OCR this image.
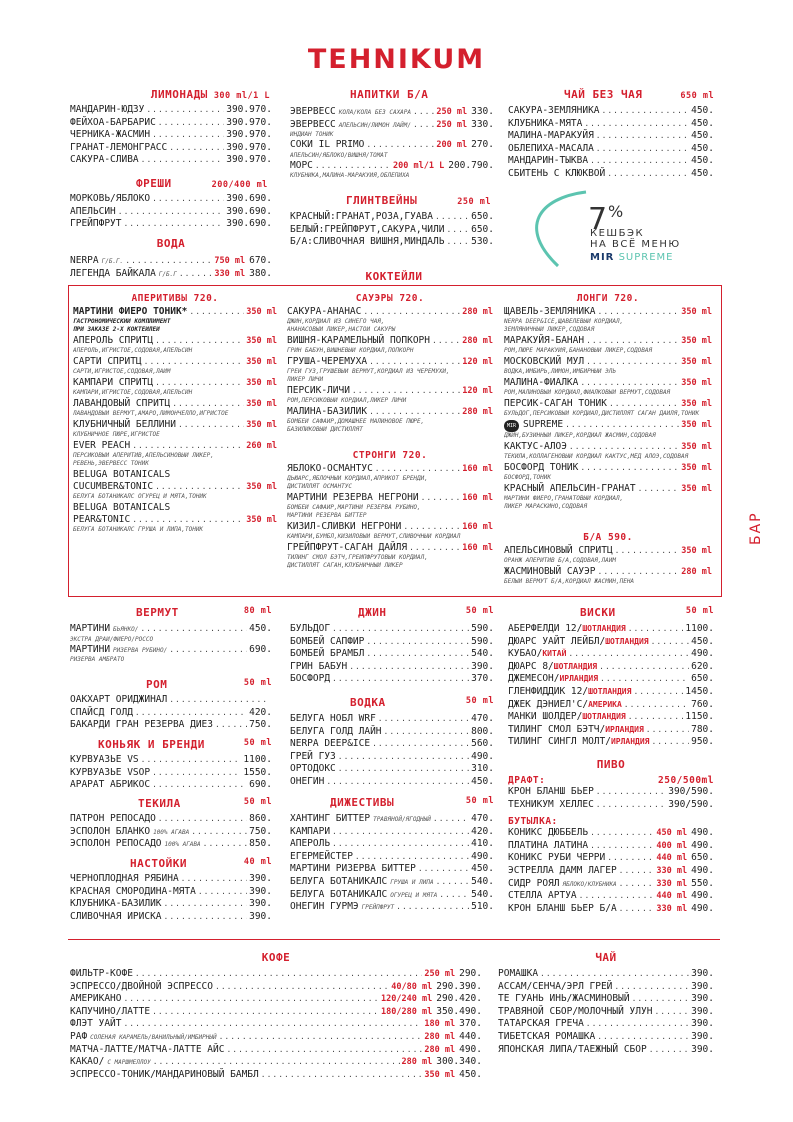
TEHNIKUM
БАР
ЛИМОНАДЫ 300 ml/1 L
МАНДАРИН-ЮДЗУ .....	390.970.
ФЕЙХОА-БАРБАРИС .....	390.970.
ЧЕРНИКА-ЖАСМИН .....	390.970.
ГРАНАТ-ЛЕМОНГРАСС .....	390.970.
САКУРА-СЛИВА .....	390.970.
ФРЕШИ	200/400 ml
МОРКОВЬ/ЯБЛОКО .....	390.690.
АПЕЛЬСИН .....	390.690.
ГРЕЙПФРУТ .....	390.690.
ВОДА
NERPA Г/Б.Г. .....	750 ml 670.
ЛЕГЕНДА БАЙКАЛА Г/Б.Г .....	330 ml 380.
НАПИТКИ Б/А
ЭВЕРВЕСС КОЛА/КОЛА БЕЗ САХАРА .....	250 ml 330.
ЭВЕРВЕСС АПЕЛЬСИН/ЛИМОН ЛАЙМ/ .....	250 ml 330.
ИНДИАН ТОНИК
СОКИ IL PRIMO .....	200 ml 270.
АПЕЛЬСИН/ЯБЛОКО/ВИШНЯ/ТОМАТ
МОРС .....	200 ml/1 L 200.790.
КЛУБНИКА,МАЛИНА-МАРАКУЙЯ,ОБЛЕПИХА
ГЛИНТВЕЙНЫ	250 ml
КРАСНЫЙ:ГРАНАТ,РОЗА,ГУАВА .....	650.
БЕЛЫЙ:ГРЕЙПФРУТ,САКУРА,ЧИЛИ .....	650.
Б/А:СЛИВОЧНАЯ ВИШНЯ,МИНДАЛЬ .....	530.
ЧАЙ БЕЗ ЧАЯ	650 ml
САКУРА-ЗЕМЛЯНИКА .....	450.
КЛУБНИКА-МЯТА .....	450.
МАЛИНА-МАРАКУЙЯ .....	450.
ОБЛЕПИХА-МАСАЛА .....	450.
МАНДАРИН-ТЫКВА .....	450.
СБИТЕНЬ С КЛЮКВОЙ .....	450.
7 %
КЕШБЭК
НА ВСЁ МЕНЮ
MIR SUPREME
КОКТЕЙЛИ
АПЕРИТИВЫ 720.
МАРТИНИ ФИЕРО ТОНИК* .....	350 ml
ГАСТРОНОМИЧЕСКИЙ КОМПЛИМЕНТ
ПРИ ЗАКАЗЕ 2-Х КОКТЕЙЛЕЙ
АПЕРОЛЬ СПРИТЦ .....	350 ml
АПЕРОЛЬ,ИГРИСТОЕ,СОДОВАЯ,АПЕЛЬСИН
САРТИ СПРИТЦ .....	350 ml
САРТИ,ИГРИСТОЕ,СОДОВАЯ,ЛАЙМ
КАМПАРИ СПРИТЦ .....	350 ml
КАМПАРИ,ИГРИСТОЕ,СОДОВАЯ,АПЕЛЬСИН
ЛАВАНДОВЫЙ СПРИТЦ .....	350 ml
ЛАВАНДОВЫЙ ВЕРМУТ,АМАРО,ЛИМОНЧЕЛЛО,ИГРИСТОЕ
КЛУБНИЧНЫЙ БЕЛЛИНИ .....	350 ml
КЛУБНИЧНОЕ ПЮРЕ,ИГРИСТОЕ
EVER PEACH .....	260 ml
ПЕРСИКОВЫЙ АПЕРИТИВ,АПЕЛЬСИНОВЫЙ ЛИКЕР,
РЕВЕНЬ,ЭВЕРВЕСС ТОНИК
BELUGA BOTANICALS
CUCUMBER&TONIC .....	350 ml
БЕЛУГА БОТАНИКАЛС ОГУРЕЦ И МЯТА,ТОНИК
BELUGA BOTANICALS
PEAR&TONIC .....	350 ml
БЕЛУГА БОТАНИКАЛС ГРУША И ЛИПА,ТОНИК
САУЭРЫ 720.
САКУРА-АНАНАС .....	280 ml
ДЖИН,КОРДИАЛ ИЗ СИНЕГО ЧАЯ,
АНАНАСОВЫЙ ЛИКЕР,НАСТОЙ САКУРЫ
ВИШНЯ-КАРАМЕЛЬНЫЙ ПОПКОРН .....	280 ml
ГРИН БАБУН,ВИШНЕВЫЙ КОРДИАЛ,ПОПКОРН
ГРУША-ЧЕРЕМУХА .....	120 ml
ГРЕЙ ГУЗ,ГРУШЕВЫЙ ВЕРМУТ,КОРДИАЛ ИЗ ЧЕРЕМУХИ,
ЛИКЕР ЛИЧИ
ПЕРСИК-ЛИЧИ .....	120 ml
РОМ,ПЕРСИКОВЫЙ КОРДИАЛ,ЛИКЕР ЛИЧИ
МАЛИНА-БАЗИЛИК .....	280 ml
БОМБЕЙ САФАЙР,ДОМАШНЕЕ МАЛИНОВОЕ ПЮРЕ,
БАЗИЛИКОВЫЙ ДИСТИЛЛЯТ
СТРОНГИ 720.
ЯБЛОКО-ОСМАНТУС .....	160 ml
ДЬЮАРС,ЯБЛОЧНЫЙ КОРДИАЛ,АПРИКОТ БРЕНДИ,
ДИСТИЛЛЯТ ОСМАНТУС
МАРТИНИ РЕЗЕРВА НЕГРОНИ .....	160 ml
БОМБЕЙ САФАЙР,МАРТИНИ РЕЗЕРВА РУБИНО,
МАРТИНИ РЕЗЕРВА БИТТЕР
КИЗИЛ-СЛИВКИ НЕГРОНИ .....	160 ml
КАМПАРИ,БУМБЛ,КИЗИЛОВЫЙ ВЕРМУТ,СЛИВОЧНЫЙ КОРДИАЛ
ГРЕЙПФРУТ-САГАН ДАЙЛЯ .....	160 ml
ТИЛИНГ СМОЛ БЭТЧ,ГРЕЙПФРУТОВЫЙ КОРДИАЛ,
ДИСТИЛЛЯТ САГАН,КЛУБНИЧНЫЙ ЛИКЕР
ЛОНГИ 720.
ЩАВЕЛЬ-ЗЕМЛЯНИКА .....	350 ml
NERPA DEEP&ICE,ЩАВЕЛЕВЫЙ КОРДИАЛ,
ЗЕМЛЯНИЧНЫЙ ЛИКЕР,СОДОВАЯ
МАРАКУЙЯ-БАНАН .....	350 ml
РОМ,ПЮРЕ МАРАКУЙЯ,БАНАНОВЫЙ ЛИКЕР,СОДОВАЯ
МОСКОВСКИЙ МУЛ .....	350 ml
ВОДКА,ИМБИРЬ,ЛИМОН,ИМБИРНЫЙ ЭЛЬ
МАЛИНА-ФИАЛКА .....	350 ml
РОМ,МАЛИНОВЫЙ КОРДИАЛ,ФИАЛКОВЫЙ ВЕРМУТ,СОДОВАЯ
ПЕРСИК-САГАН ТОНИК .....	350 ml
БУЛЬДОГ,ПЕРСИКОВЫЙ КОРДИАЛ,ДИСТИЛЛЯТ САГАН ДАЙЛЯ,ТОНИК
MIR SUPREME .....	350 ml
ДЖИН,БУЗИННЫЙ ЛИКЕР,КОРДИАЛ ЖАСМИН,СОДОВАЯ
КАКТУС-АЛОЭ .....	350 ml
ТЕКИЛА,КОЛЛАГЕНОВЫЙ КОРДИАЛ КАКТУС,МЁД АЛОЭ,СОДОВАЯ
БОСФОРД ТОНИК .....	350 ml
БОСФОРД,ТОНИК
КРАСНЫЙ АПЕЛЬСИН-ГРАНАТ .....	350 ml
МАРТИНИ ФИЕРО,ГРАНАТОВЫЙ КОРДИАЛ,
ЛИКЕР МАРАСКИНО,СОДОВАЯ
Б/А 590.
АПЕЛЬСИНОВЫЙ СПРИТЦ .....	350 ml
ОРАНЖ АПЕРИТИВ Б/А,СОДОВАЯ,ЛАЙМ
ЖАСМИНОВЫЙ САУЭР .....	280 ml
БЕЛЫЙ ВЕРМУТ Б/А,КОРДИАЛ ЖАСМИН,ПЕНА
ВЕРМУТ	80 ml
МАРТИНИ БЬЯНКО/ .....	450.
ЭКСТРА ДРАЙ/ФИЕРО/РОССО
МАРТИНИ РИЗЕРВА РУБИНО/ .....	690.
РИЗЕРВА АМБРАТО
РОМ	50 ml
ОАКХАРТ ОРИДЖИНАЛ
.....
СПАЙСД ГОЛД .....	420.
БАКАРДИ ГРАН РЕЗЕРВА ДИЕЗ .....	750.
КОНЬЯК И БРЕНДИ	50 ml
КУРВУАЗЬЕ VS .....	1100.
КУРВУАЗЬЕ VSOP .....	1550.
АРАРАТ АБРИКОС .....	690.
ТЕКИЛА	50 ml
ПАТРОН РЕПОСАДО .....	860.
ЭСПОЛОН БЛАНКО 100% АГАВА .....	750.
ЭСПОЛОН РЕПОСАДО 100% АГАВА .....	850.
НАСТОЙКИ	40 ml
ЧЕРНОПЛОДНАЯ РЯБИНА .....	390.
КРАСНАЯ СМОРОДИНА-МЯТА .....	390.
КЛУБНИКА-БАЗИЛИК .....	390.
СЛИВОЧНАЯ ИРИСКА .....	390.
ДЖИН	50 ml
БУЛЬДОГ .....	590.
БОМБЕЙ САПФИР .....	590.
БОМБЕЙ БРАМБЛ .....	540.
ГРИН БАБУН .....	390.
БОСФОРД .....	370.
ВОДКА	50 ml
БЕЛУГА НОБЛ WRF .....	470.
БЕЛУГА ГОЛД ЛАЙН .....	800.
NERPA DEEP&ICE .....	560.
ГРЕЙ ГУЗ .....	490.
ОРТОДОКС .....	310.
ОНЕГИН .....	450.
ДИЖЕСТИВЫ	50 ml
ХАНТИНГ БИТТЕР ТРАВЯНОЙ/ЯГОДНЫЙ .....	470.
КАМПАРИ .....	420.
АПЕРОЛЬ .....	410.
ЕГЕРМЕЙСТЕР .....	490.
МАРТИНИ РИЗЕРВА БИТТЕР .....	450.
БЕЛУГА БОТАНИКАЛС ГРУША И ЛИПА .....	540.
БЕЛУГА БОТАНИКАЛС ОГУРЕЦ И МЯТА .....	540.
ОНЕГИН ГУРМЭ ГРЕЙПФРУТ .....	510.
ВИСКИ	50 ml
АБЕРФЕЛДИ 12/ ШОТЛАНДИЯ .....	1100.
ДЮАРС УАЙТ ЛЕЙБЛ/ ШОТЛАНДИЯ .....	450.
КУБАО/ КИТАЙ .....	490.
ДЮАРС 8/ ШОТЛАНДИЯ .....	620.
ДЖЕМЕСОН/ ИРЛАНДИЯ .....	650.
ГЛЕНФИДДИК 12/ ШОТЛАНДИЯ .....	1450.
ДЖЕК ДЭНИЕЛ'С/ АМЕРИКА .....	760.
МАНКИ ШОЛДЕР/ ШОТЛАНДИЯ .....	1150.
ТИЛИНГ СМОЛ БЭТЧ/ ИРЛАНДИЯ .....	780.
ТИЛИНГ СИНГЛ МОЛТ/ ИРЛАНДИЯ .....	950.
ПИВО
ДРАФТ:	250/500ml
КРОН БЛАНШ БЬЕР .....	390/590.
ТЕХНИКУМ ХЕЛЛЕС .....	390/590.
БУТЫЛКА:
КОНИКС ДЮББЕЛЬ .....	450 ml 490.
ПЛАТИНА ЛАТИНА .....	400 ml 490.
КОНИКС РУБИ ЧЕРРИ .....	440 ml 650.
ЭСТРЕЛЛА ДАММ ЛАГЕР .....	330 ml 490.
СИДР РОЯЛ ЯБЛОКО/КЛУБНИКА .....	330 ml 550.
СТЕЛЛА АРТУА .....	440 ml 490.
КРОН БЛАНШ БЬЕР Б/А .....	330 ml 490.
КОФЕ
ФИЛЬТР-КОФЕ .....	250 ml 290.
ЭСПРЕССО/ДВОЙНОЙ ЭСПРЕССО .....	40/80 ml 290.390.
АМЕРИКАНО .....	120/240 ml 290.420.
КАПУЧИНО/ЛАТТЕ .....	180/280 ml 350.490.
ФЛЭТ УАЙТ .....	180 ml 370.
РАФ СОЛЕНАЯ КАРАМЕЛЬ/ВАНИЛЬНЫЙ/ИМБИРНЫЙ .....	280 ml 440.
МАТЧА-ЛАТТЕ/МАТЧА-ЛАТТЕ АЙС .....	280 ml 490.
КАКАО/ С МАРШМЕЛЛОУ .....	280 ml 300.340.
ЭСПРЕССО-ТОНИК/МАНДАРИНОВЫЙ БАМБЛ .....	350 ml 450.
ЧАЙ
РОМАШКА .....	390.
АССАМ/СЕНЧА/ЭРЛ ГРЕЙ .....	390.
ТЕ ГУАНЬ ИНЬ/ЖАСМИНОВЫЙ .....	390.
ТРАВЯНОЙ СБОР/МОЛОЧНЫЙ УЛУН .....	390.
ТАТАРСКАЯ ГРЕЧА .....	390.
ТИБЕТСКАЯ РОМАШКА .....	390.
ЯПОНСКАЯ ЛИПА/ТАЕЖНЫЙ СБОР .....	390.
